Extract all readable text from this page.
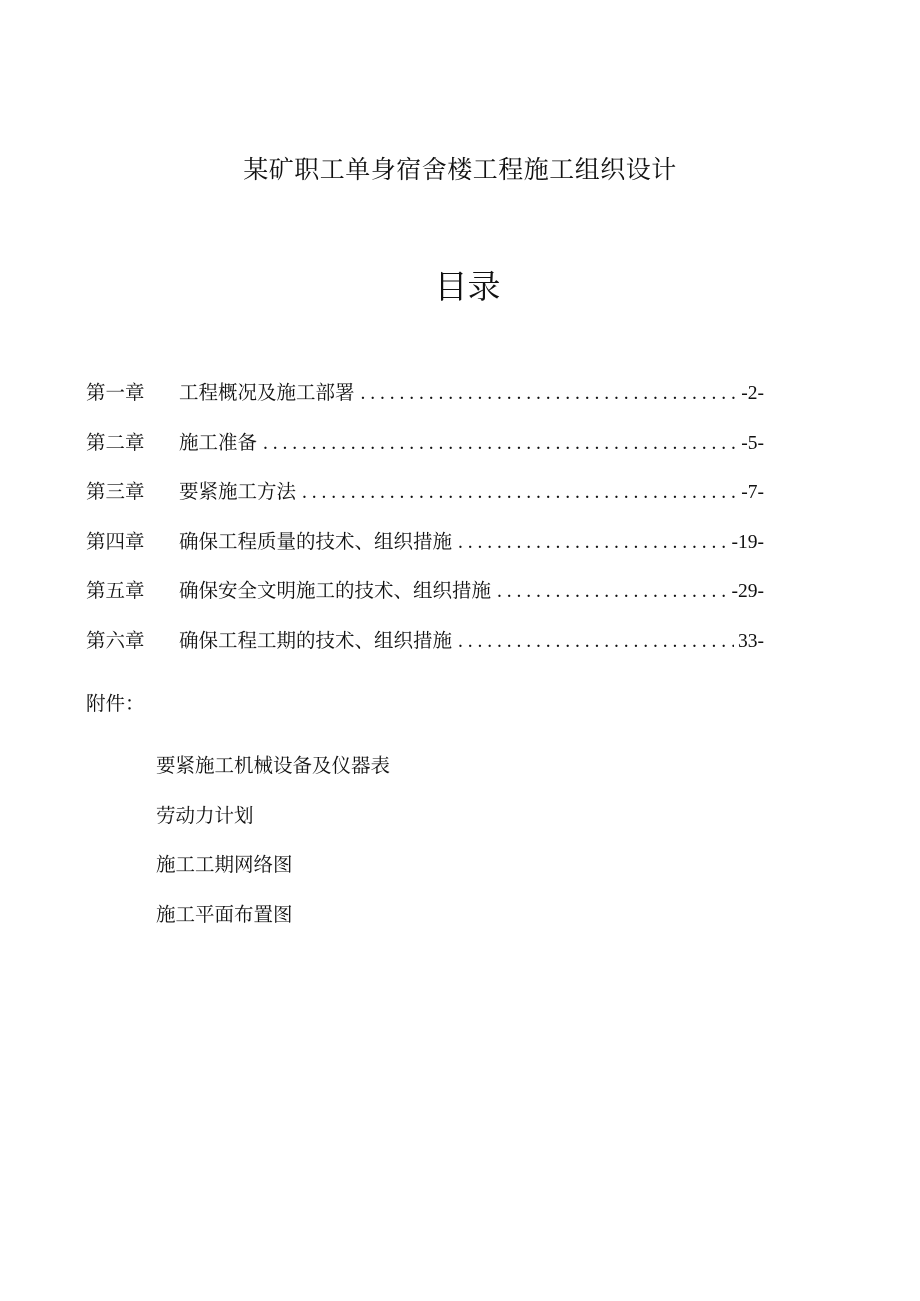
某矿职工单身宿舍楼工程施工组织设计
目录
第一章	工程概况及施工部署 . . .	-2-
第二章	施工准备 . . .	-5-
第三章	要紧施工方法 . . .	-7-
第四章	确保工程质量的技术、组织措施 . . .	-19-
第五章	确保安全文明施工的技术、组织措施 . . .	-29-
第六章	确保工程工期的技术、组织措施 . . .	33-
附件：
要紧施工机械设备及仪器表
劳动力计划
施工工期网络图
施工平面布置图
